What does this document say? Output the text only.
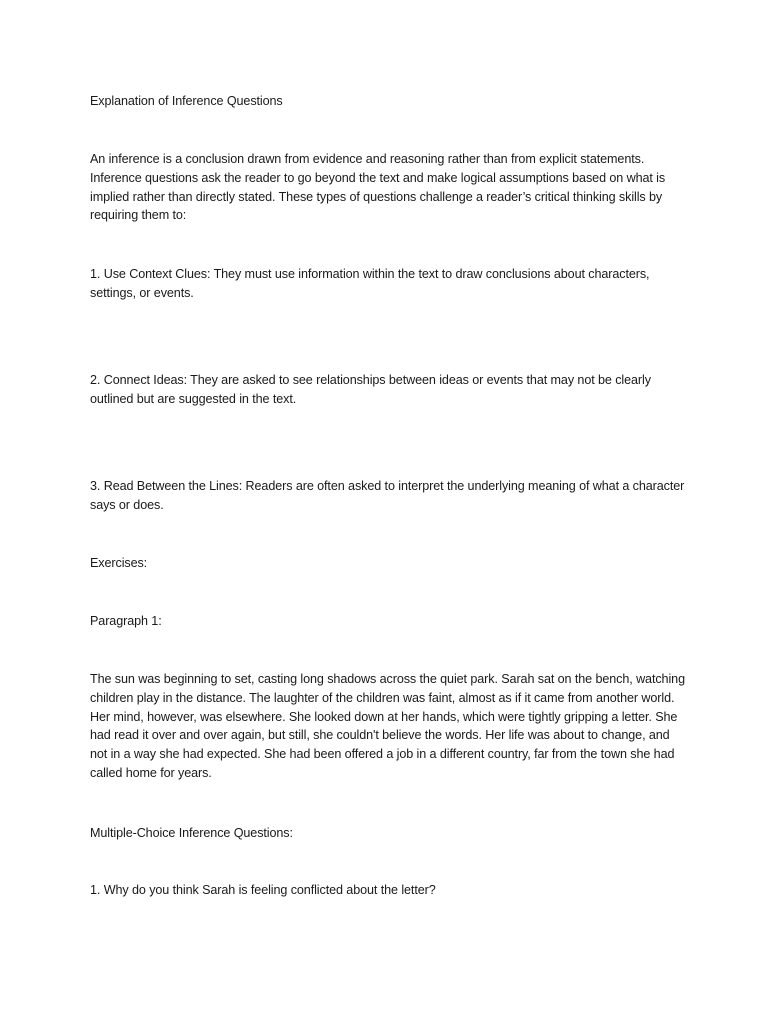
Explanation of Inference Questions

An inference is a conclusion drawn from evidence and reasoning rather than from explicit statements. Inference questions ask the reader to go beyond the text and make logical assumptions based on what is implied rather than directly stated. These types of questions challenge a reader’s critical thinking skills by requiring them to:

1. Use Context Clues: They must use information within the text to draw conclusions about characters, settings, or events.

2. Connect Ideas: They are asked to see relationships between ideas or events that may not be clearly outlined but are suggested in the text.

3. Read Between the Lines: Readers are often asked to interpret the underlying meaning of what a character says or does.

Exercises:

Paragraph 1:

The sun was beginning to set, casting long shadows across the quiet park. Sarah sat on the bench, watching children play in the distance. The laughter of the children was faint, almost as if it came from another world. Her mind, however, was elsewhere. She looked down at her hands, which were tightly gripping a letter. She had read it over and over again, but still, she couldn't believe the words. Her life was about to change, and not in a way she had expected. She had been offered a job in a different country, far from the town she had called home for years.

Multiple-Choice Inference Questions:

1. Why do you think Sarah is feeling conflicted about the letter?
